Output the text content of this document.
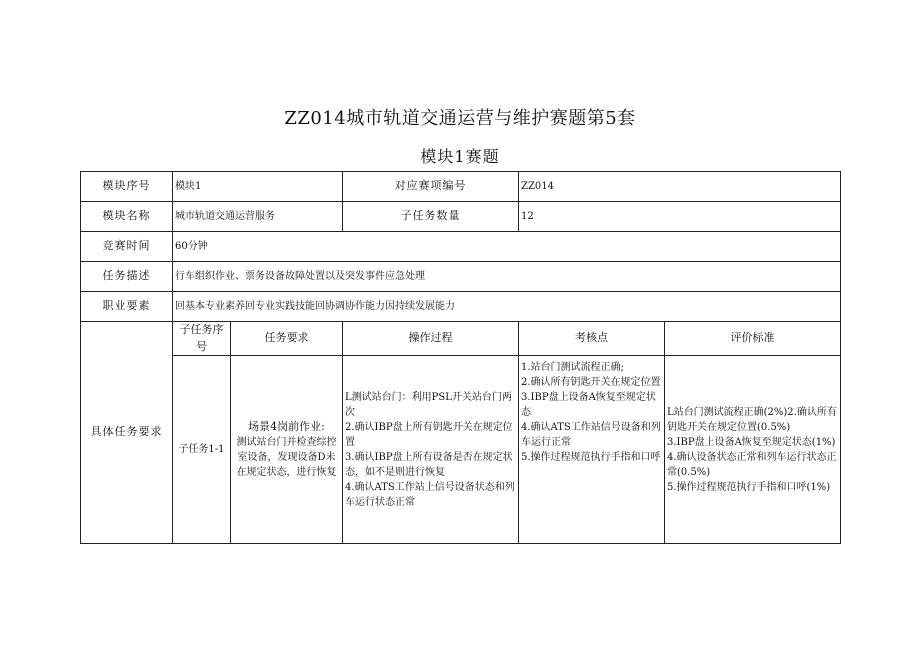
ZZ014城市轨道交通运营与维护赛题第5套
模块1赛题
模块序号	模块1		对应赛项编号	ZZ014	
模块名称	城市轨道交通运营服务		子任务数量	12	
竞赛时间	60分钟				
任务描述	行车组织作业、票务设备故障处置以及突发事件应急处理				
职业要素	回基本专业素养回专业实践技能回协调协作能力因持续发展能力				
具体任务要求	子任务序号	任务要求	操作过程	考核点	评价标准
	子任务1-1	场景4岗前作业:
测试站台门并检查综控室设备，发现设备D未在规定状态，进行恢复	L测试站台门：利用PSL开关站台门两次
2.确认IBP盘上所有钥匙开关在规定位置
3.确认IBP盘上所有设备是否在规定状态，如不是则进行恢复
4.确认ATS工作站上信号设备状态和列车运行状态正常	1.站台门测试流程正确;
2.确认所有钥匙开关在规定位置
3.IBP盘上设备A恢复至规定状态
4.确认ATS工作站信号设备和列车运行正常
5.操作过程规范执行手指和口呼	L站台门测试流程正确(2%)2.确认所有钥匙开关在规定位置(0.5%)
3.IBP盘上设备A恢复至规定状态(1%)
4.确认设备状态正常和列车运行状态正常(0.5%)
5.操作过程规范执行手指和口呼(1%)
